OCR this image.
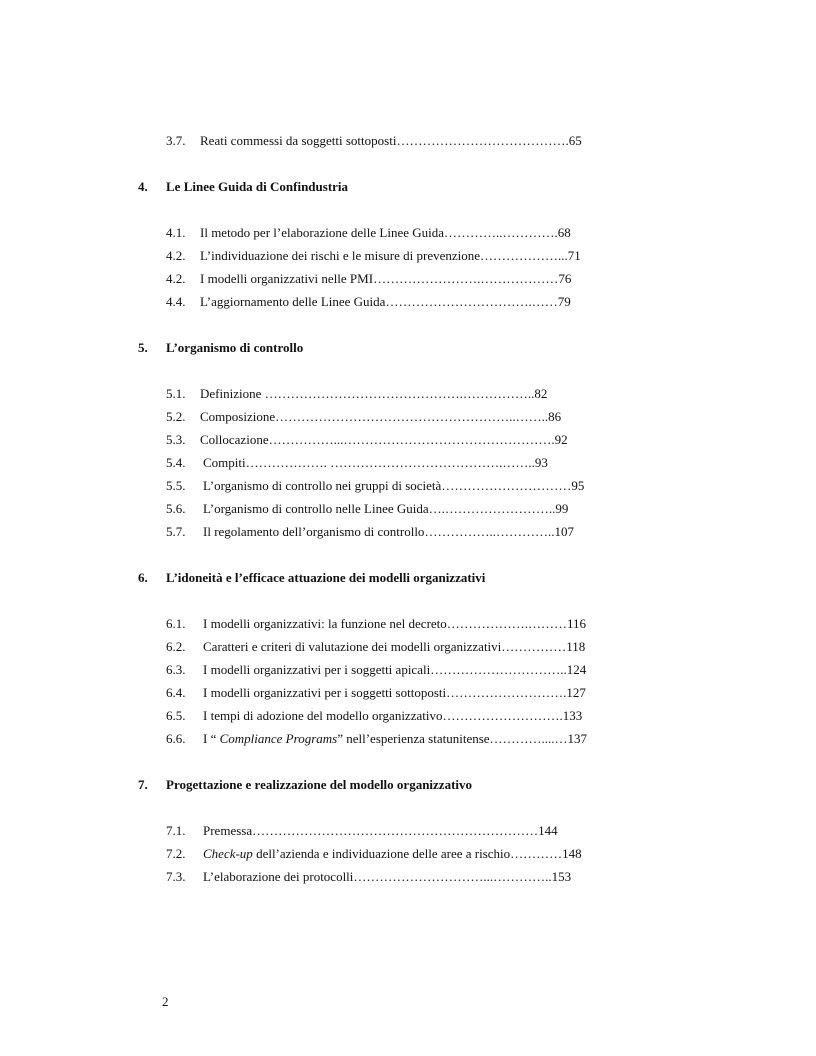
3.7. Reati commessi da soggetti sottoposti………………………………….65
4. Le Linee Guida di Confindustria
4.1. Il metodo per l’elaborazione delle Linee Guida…………..………….68
4.2. L’individuazione dei rischi e le misure di prevenzione………………...71
4.2. I modelli organizzativi nelle PMI…………………….………………76
4.4. L’aggiornamento delle Linee Guida…………………………….……79
5. L’organismo di controllo
5.1. Definizione ……………………………………….……………..82
5.2. Composizione………………………………………………..……..86
5.3. Collocazione……………...………………………………………….92
5.4. Compiti………………. ………………………………….……..93
5.5. L’organismo di controllo nei gruppi di società…………………………95
5.6. L’organismo di controllo nelle Linee Guida….……………………..99
5.7. Il regolamento dell’organismo di controllo……………..…………..107
6. L’idoneità e l’efficace attuazione dei modelli organizzativi
6.1. I modelli organizzativi: la funzione nel decreto……………….………116
6.2. Caratteri e criteri di valutazione dei modelli organizzativi……………118
6.3. I modelli organizzativi per i soggetti apicali…………………………..124
6.4. I modelli organizzativi per i soggetti sottoposti……………………….127
6.5. I tempi di adozione del modello organizzativo……………………….133
6.6. I “ Compliance Programs” nell’esperienza statunitense…………....…137
7. Progettazione e realizzazione del modello organizzativo
7.1. Premessa…………………………………………………………144
7.2. Check-up dell’azienda e individuazione delle aree a rischio…………148
7.3. L’elaborazione dei protocolli…………………………...…………..153
2
